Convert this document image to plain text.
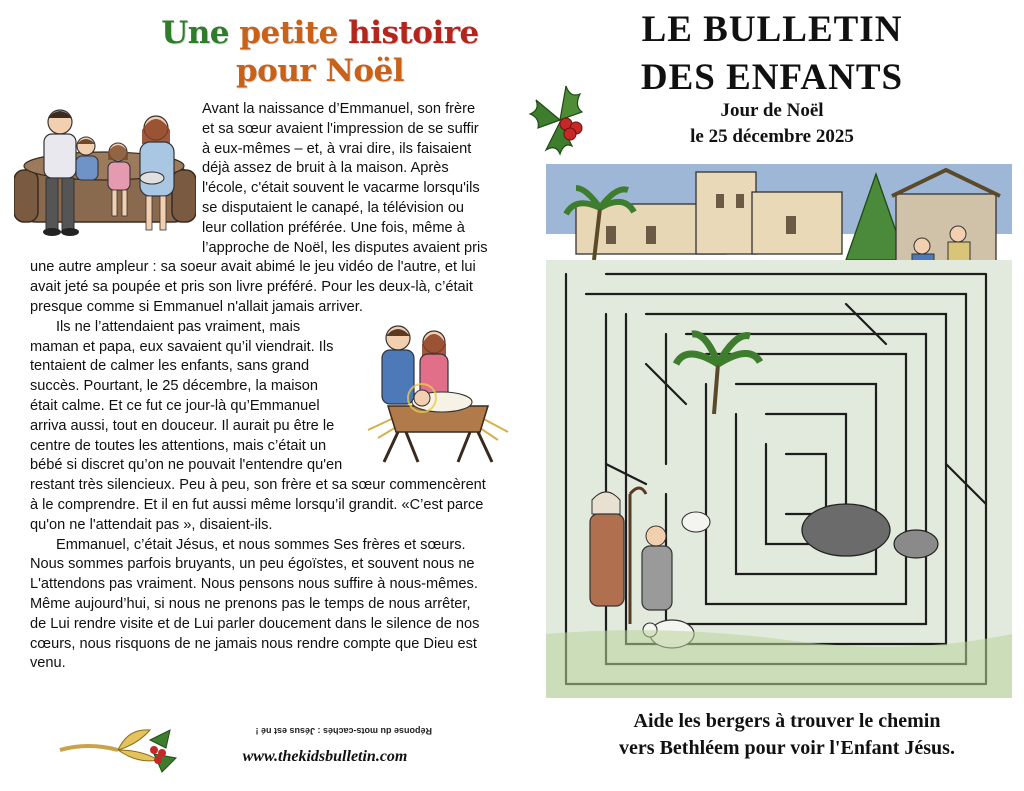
Une petite histoire
pour Noël

Avant la naissance d’Emmanuel, son frère et sa sœur avaient l'impression de se suffir à eux-mêmes – et, à vrai dire, ils faisaient déjà assez de bruit à la maison. Après l'école, c'était souvent le vacarme lorsqu'ils se disputaient le canapé, la télévision ou leur collation préférée. Une fois, même à l’approche de Noël, les disputes avaient pris une autre ampleur : sa soeur avait abimé le jeu vidéo de l'autre, et lui avait jeté sa poupée et pris son livre préféré. Pour les deux-là, c’était presque comme si Emmanuel n'allait jamais arriver.

Ils ne l’attendaient pas vraiment, mais maman et papa, eux savaient qu’il viendrait. Ils tentaient de calmer les enfants, sans grand succès. Pourtant, le 25 décembre, la maison était calme. Et ce fut ce jour-là qu’Emmanuel arriva aussi, tout en douceur. Il aurait pu être le centre de toutes les attentions, mais c’était un bébé si discret qu’on ne pouvait l'entendre qu'en restant très silencieux. Peu à peu, son frère et sa sœur commencèrent à le comprendre. Et il en fut aussi même lorsqu’il grandit. «C’est parce qu'on ne l'attendait pas », disaient-ils.

Emmanuel, c’était Jésus, et nous sommes Ses frères et sœurs. Nous sommes parfois bruyants, un peu égoïstes, et souvent nous ne L'attendons pas vraiment. Nous pensons nous suffire à nous-mêmes. Même aujourd’hui, si nous ne prenons pas le temps de nous arrêter, de Lui rendre visite et de Lui parler doucement dans le silence de nos cœurs, nous risquons de ne jamais nous rendre compte que Dieu est venu.

Réponse du mots-cachés : Jésus est né !
www.thekidsbulletin.com
LE BULLETIN
DES ENFANTS
Jour de Noël
le 25 décembre 2025
Aide les bergers à trouver le chemin
vers Bethléem pour voir l'Enfant Jésus.
